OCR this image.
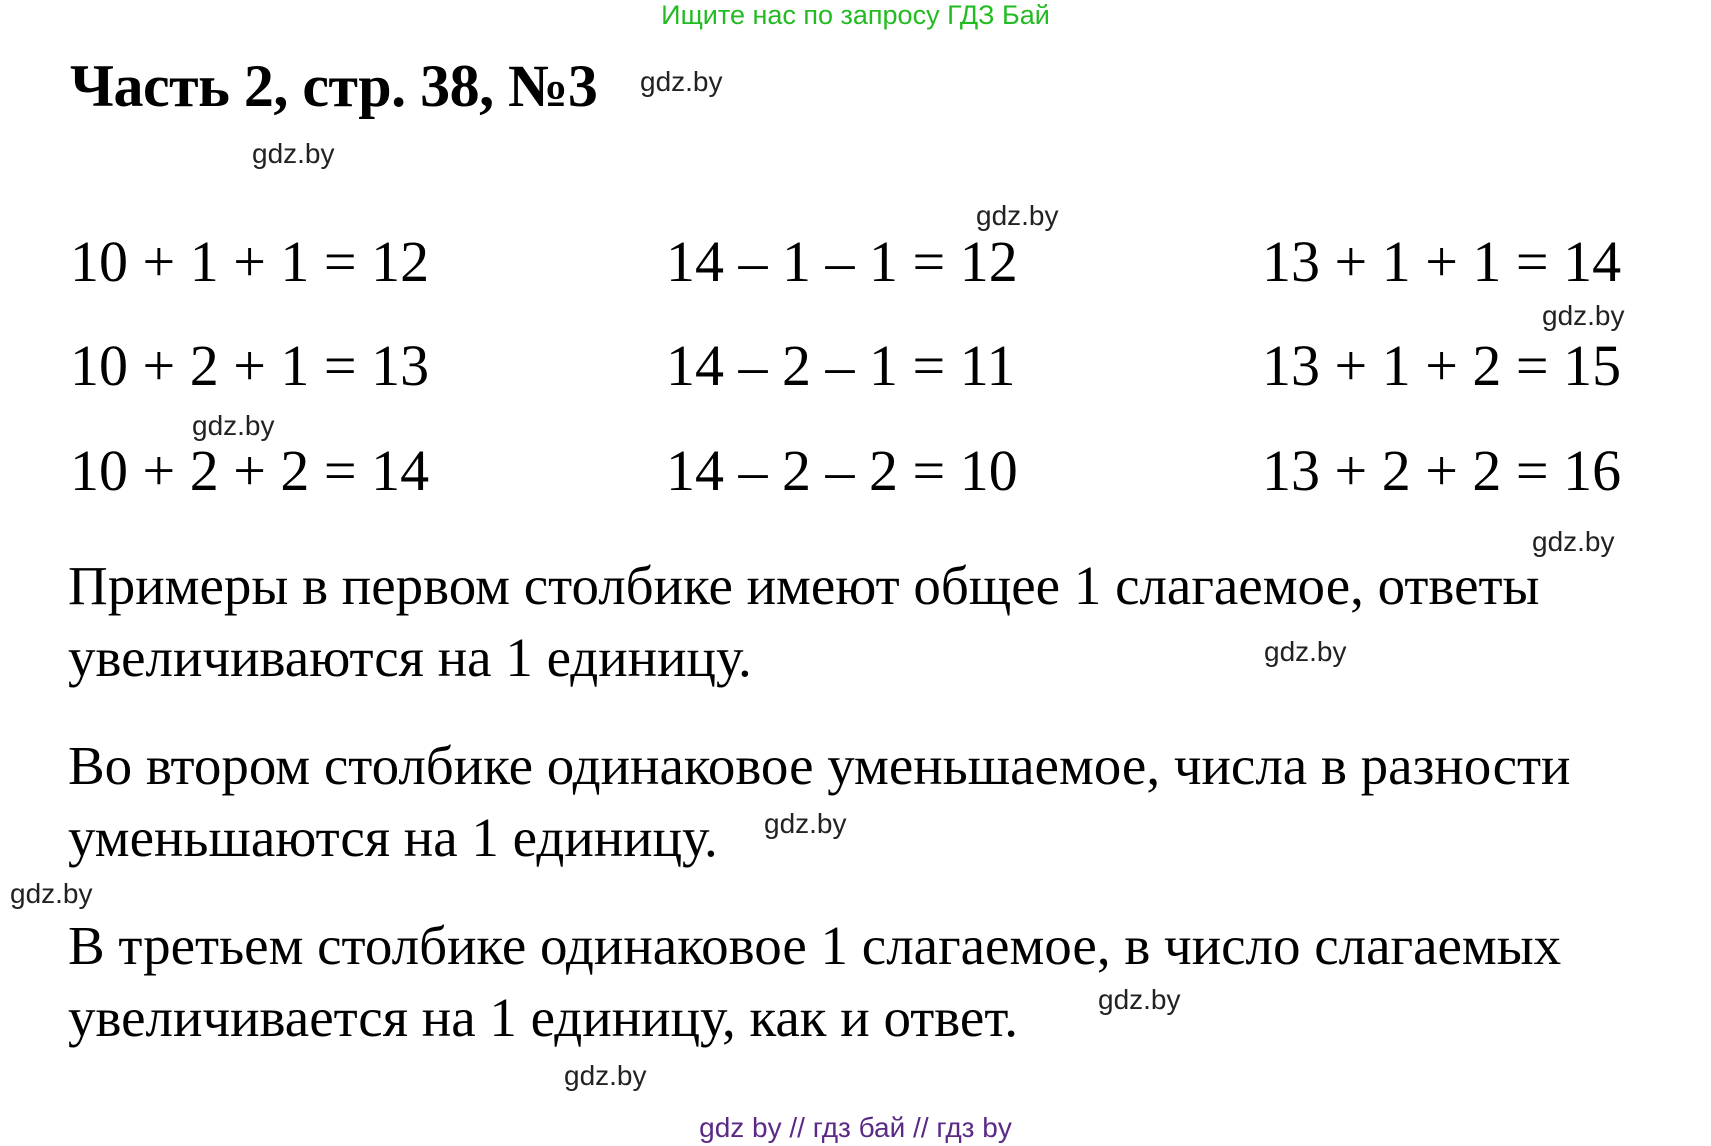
Ищите нас по запросу ГДЗ Бай
Часть 2, стр. 38, №3
10 + 1 + 1 = 12
10 + 2 + 1 = 13
10 + 2 + 2 = 14
14 – 1 – 1 = 12
14 – 2 – 1 = 11
14 – 2 – 2 = 10
13 + 1 + 1 = 14
13 + 1 + 2 = 15
13 + 2 + 2 = 16
Примеры в первом столбике имеют общее 1 слагаемое, ответы
увеличиваются на 1 единицу.
Во втором столбике одинаковое уменьшаемое, числа в разности
уменьшаются на 1 единицу.
В третьем столбике одинаковое 1 слагаемое, в число слагаемых
увеличивается на 1 единицу, как и ответ.
gdz.by
gdz.by
gdz.by
gdz.by
gdz.by
gdz.by
gdz.by
gdz.by
gdz.by
gdz.by
gdz.by
gdz by // гдз бай // гдз by
